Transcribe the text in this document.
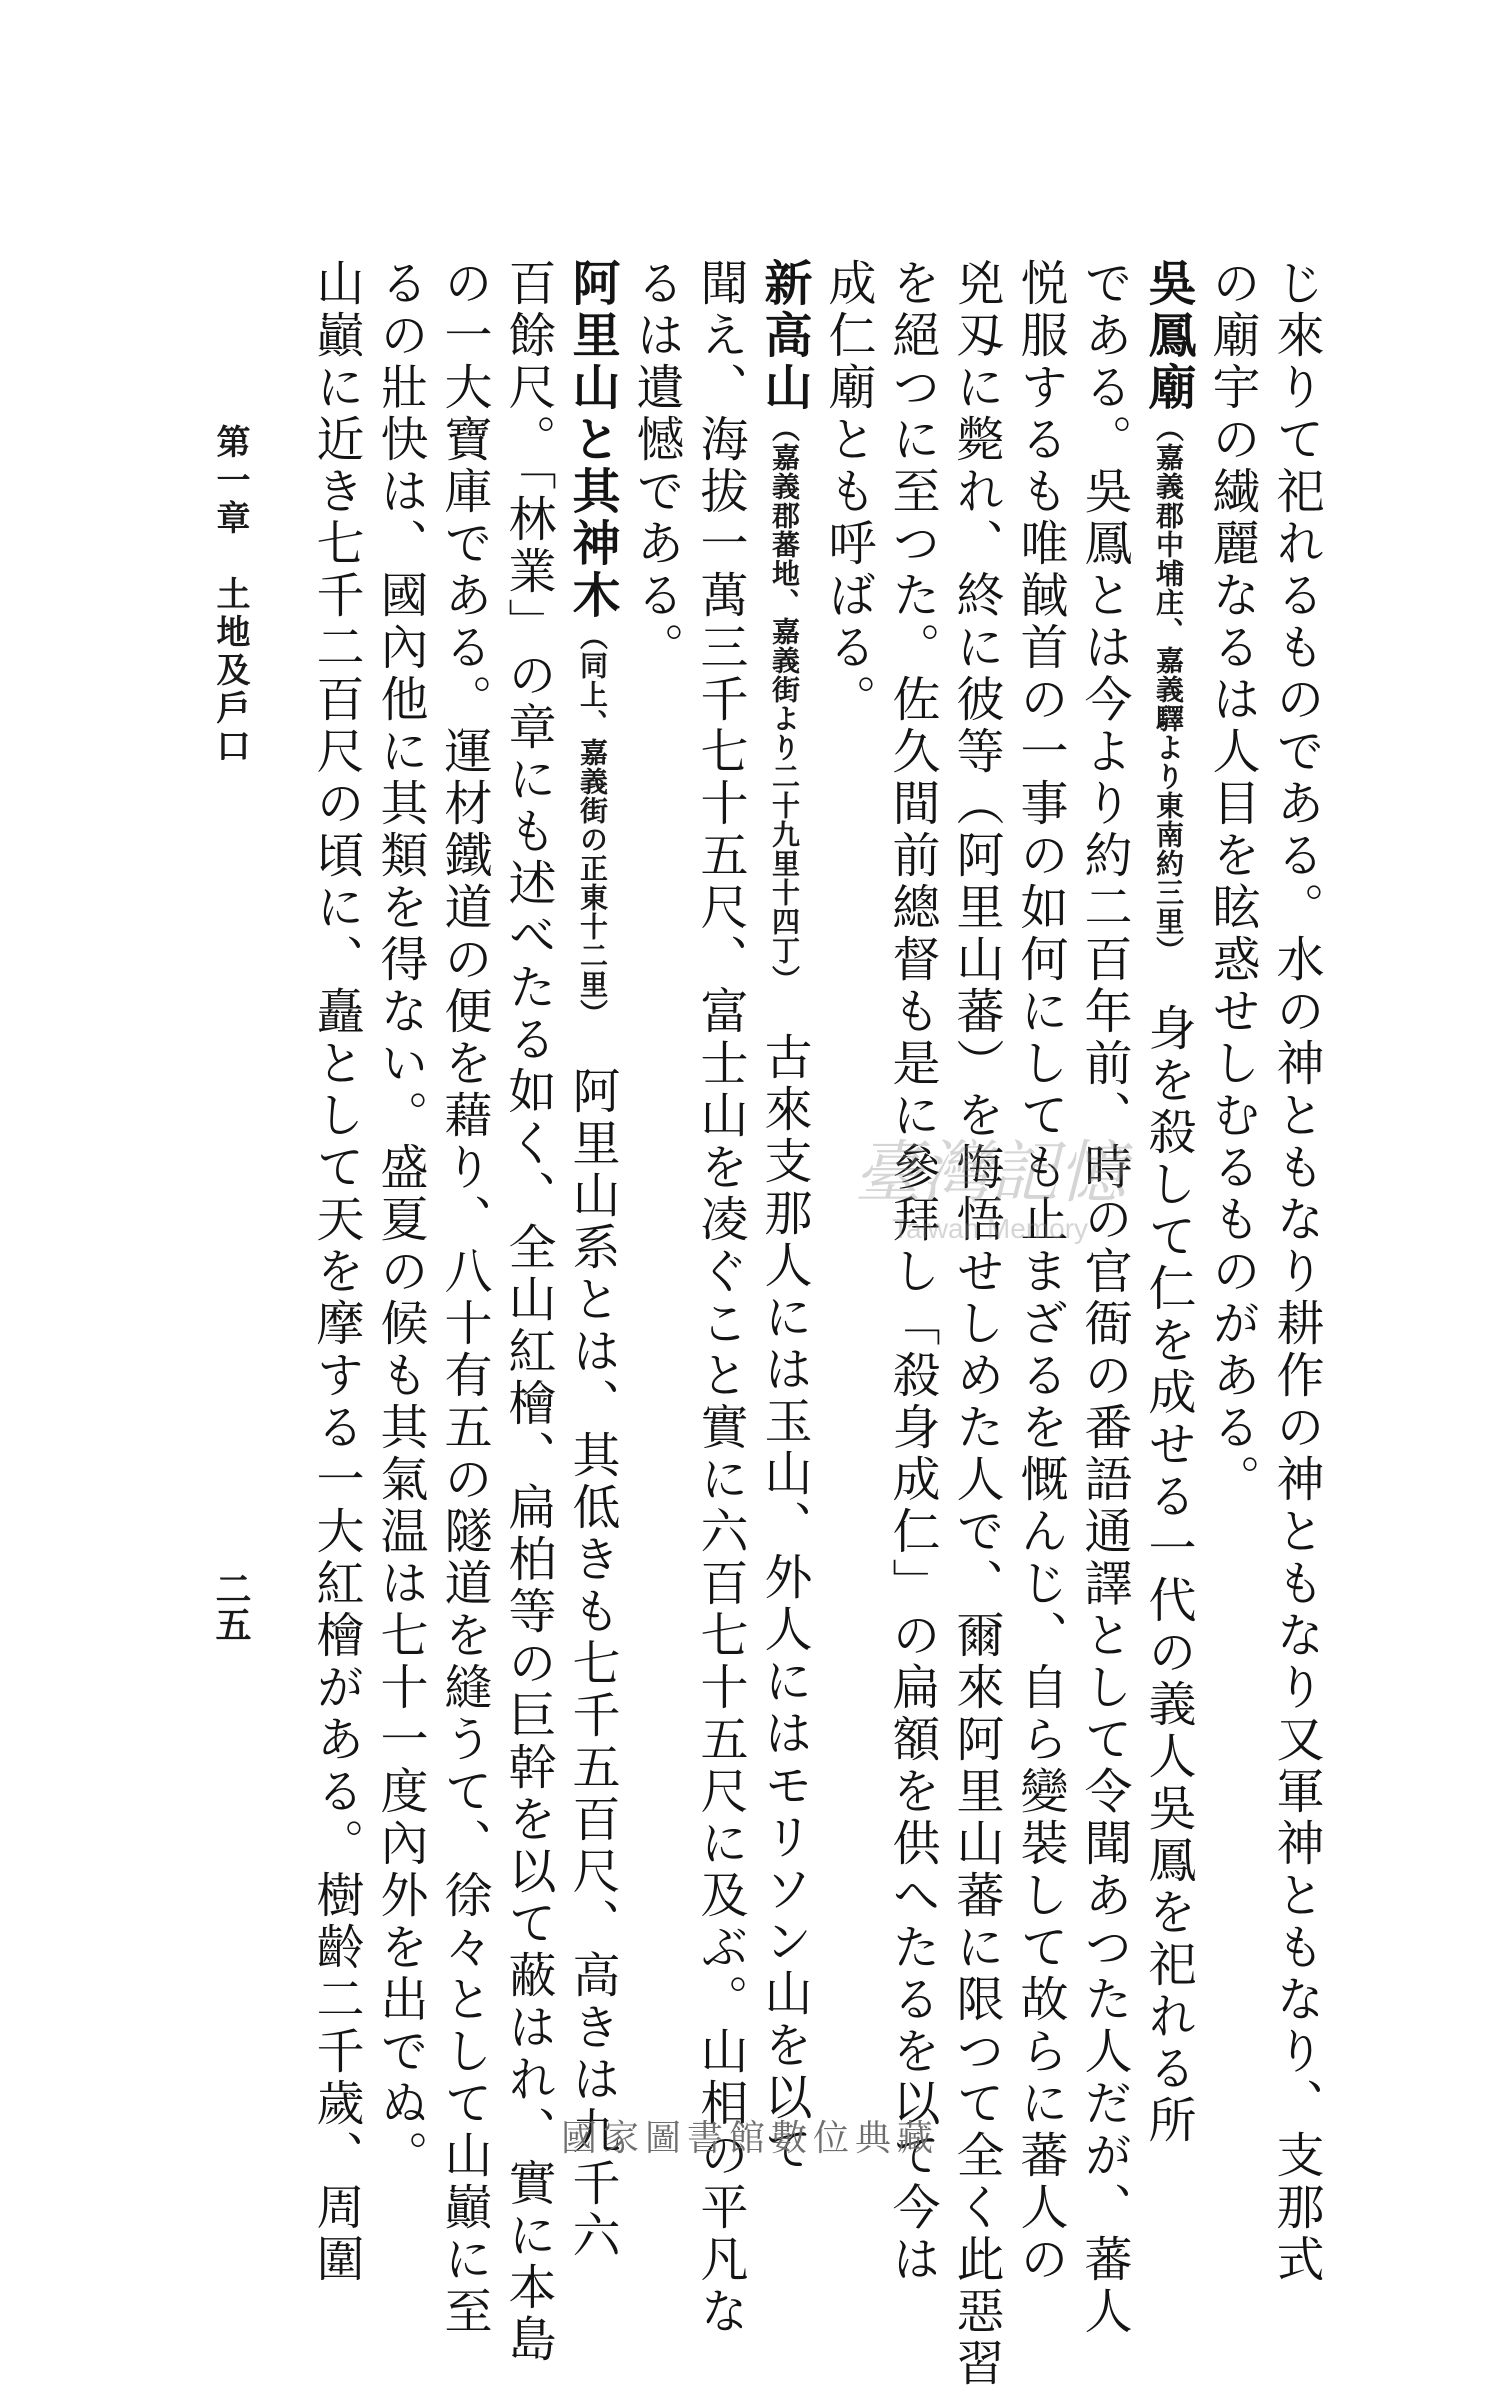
じ來りて祀れるものである。水の神ともなり耕作の神ともなり又軍神ともなり、支那式
の廟宇の繊麗なるは人目を眩惑せしむるものがある。
吳鳳廟（嘉義郡中埔庄、嘉義驛より東南約三里）　身を殺して仁を成せる一代の義人吳鳳を祀れる所
である。吳鳳とは今より約二百年前、時の官衙の番語通譯として令聞あつた人だが、蕃人
悦服するも唯馘首の一事の如何にしても止まざるを慨んじ、自ら變裝して故らに蕃人の
兇刄に斃れ、終に彼等（阿里山蕃）を悔悟せしめた人で、爾來阿里山蕃に限つて全く此惡習
を絕つに至つた。佐久間前總督も是に參拜し「殺身成仁」の扁額を供へたるを以て今は
成仁廟とも呼ばる。
新高山（嘉義郡蕃地、嘉義街より二十九里十四丁）　古來支那人には玉山、外人にはモリソン山を以て
聞え、海拔一萬三千七十五尺、富士山を凌ぐこと實に六百七十五尺に及ぶ。山相の平凡な
るは遺憾である。
阿里山と其神木（同上、嘉義街の正東十二里）　阿里山系とは、其低きも七千五百尺、高きは九千六
百餘尺。「林業」の章にも述べたる如く、全山紅檜、扁柏等の巨幹を以て蔽はれ、實に本島
の一大寶庫である。運材鐵道の便を藉り、八十有五の隧道を縫うて、徐々として山巓に至
るの壯快は、國內他に其類を得ない。盛夏の候も其氣温は七十一度內外を出でぬ。
山巓に近き七千二百尺の頃に、矗として天を摩する一大紅檜がある。樹齡二千歲、周圍
第一章　土地及戶口
二五
臺灣記憶
Taiwan Memory
國家圖書館數位典藏
